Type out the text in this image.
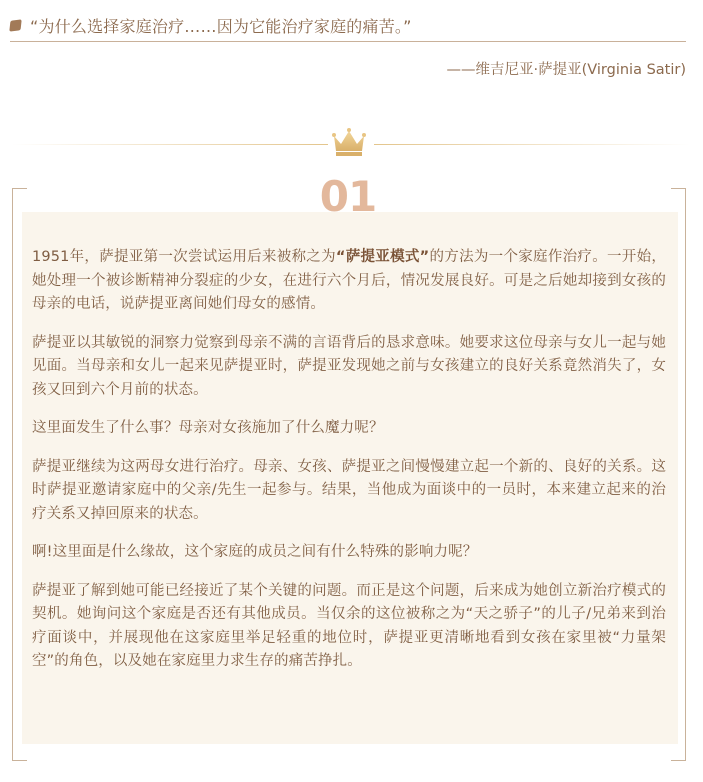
“为什么选择家庭治疗……因为它能治疗家庭的痛苦。”
——维吉尼亚·萨提亚(Virginia Satir)
01

1951年，萨提亚第一次尝试运用后来被称之为“萨提亚模式”的方法为一个家庭作治疗。一开始，她处理一个被诊断精神分裂症的少女，在进行六个月后，情况发展良好。可是之后她却接到女孩的母亲的电话，说萨提亚离间她们母女的感情。

萨提亚以其敏锐的洞察力觉察到母亲不满的言语背后的恳求意味。她要求这位母亲与女儿一起与她见面。当母亲和女儿一起来见萨提亚时，萨提亚发现她之前与女孩建立的良好关系竟然消失了，女孩又回到六个月前的状态。

这里面发生了什么事？母亲对女孩施加了什么魔力呢？

萨提亚继续为这两母女进行治疗。母亲、女孩、萨提亚之间慢慢建立起一个新的、良好的关系。这时萨提亚邀请家庭中的父亲/先生一起参与。结果，当他成为面谈中的一员时，本来建立起来的治疗关系又掉回原来的状态。

啊!这里面是什么缘故，这个家庭的成员之间有什么特殊的影响力呢？

萨提亚了解到她可能已经接近了某个关键的问题。而正是这个问题，后来成为她创立新治疗模式的契机。她询问这个家庭是否还有其他成员。当仅余的这位被称之为“天之骄子”的儿子/兄弟来到治疗面谈中，并展现他在这家庭里举足轻重的地位时，萨提亚更清晰地看到女孩在家里被“力量架空”的角色，以及她在家庭里力求生存的痛苦挣扎。
